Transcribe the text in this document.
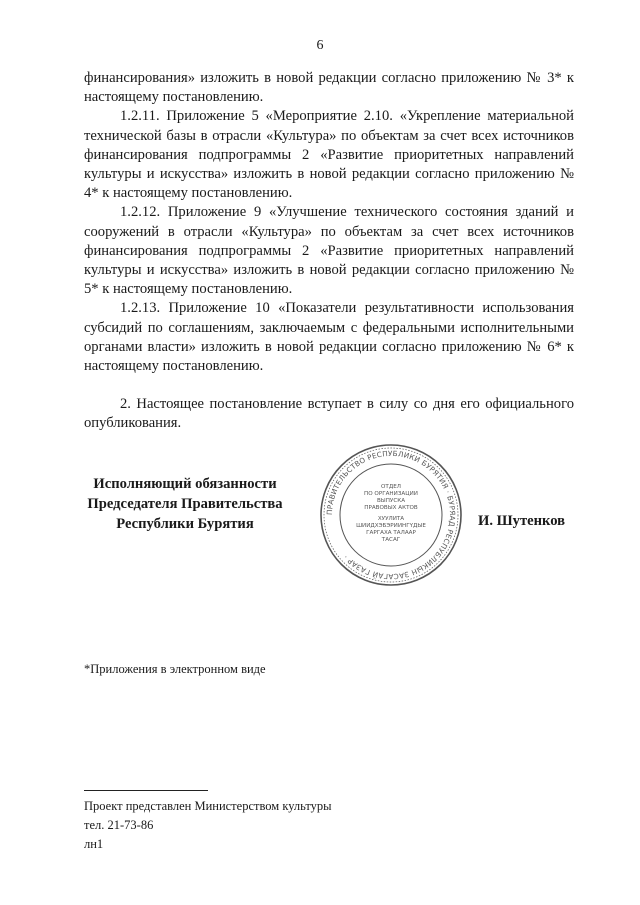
6

финансирования» изложить в новой редакции согласно приложению № 3* к настоящему постановлению.

1.2.11. Приложение 5 «Мероприятие 2.10. «Укрепление материальной технической базы в отрасли «Культура» по объектам за счет всех источников финансирования подпрограммы 2 «Развитие приоритетных направлений культуры и искусства» изложить в новой редакции согласно приложению № 4* к настоящему постановлению.

1.2.12. Приложение 9 «Улучшение технического состояния зданий и сооружений в отрасли «Культура» по объектам за счет всех источников финансирования подпрограммы 2 «Развитие приоритетных направлений культуры и искусства» изложить в новой редакции согласно приложению № 5* к настоящему постановлению.

1.2.13. Приложение 10 «Показатели результативности использования субсидий по соглашениям, заключаемым с федеральными исполнительными органами власти» изложить в новой редакции согласно приложению № 6* к настоящему постановлению.

2. Настоящее постановление вступает в силу со дня его официального опубликования.

Исполняющий обязанности
Председателя Правительства
Республики Бурятия
ПРАВИТЕЛЬСТВО РЕСПУБЛИКИ БУРЯТИЯ · БУРЯАД РЕСПУБЛИКЫН ЗАСАГАЙ ГАЗАР ·
ОТДЕЛ
ПО ОРГАНИЗАЦИИ
ВЫПУСКА
ПРАВОВЫХ АКТОВ
ХУУЛИТА
ШИИДХЭБЭРИИНГҮДЫЕ
ГАРГАХА ТАЛААР
ТАСАГ
И. Шутенков
*Приложения в электронном виде
Проект представлен Министерством культуры
тел. 21-73-86
лн1
